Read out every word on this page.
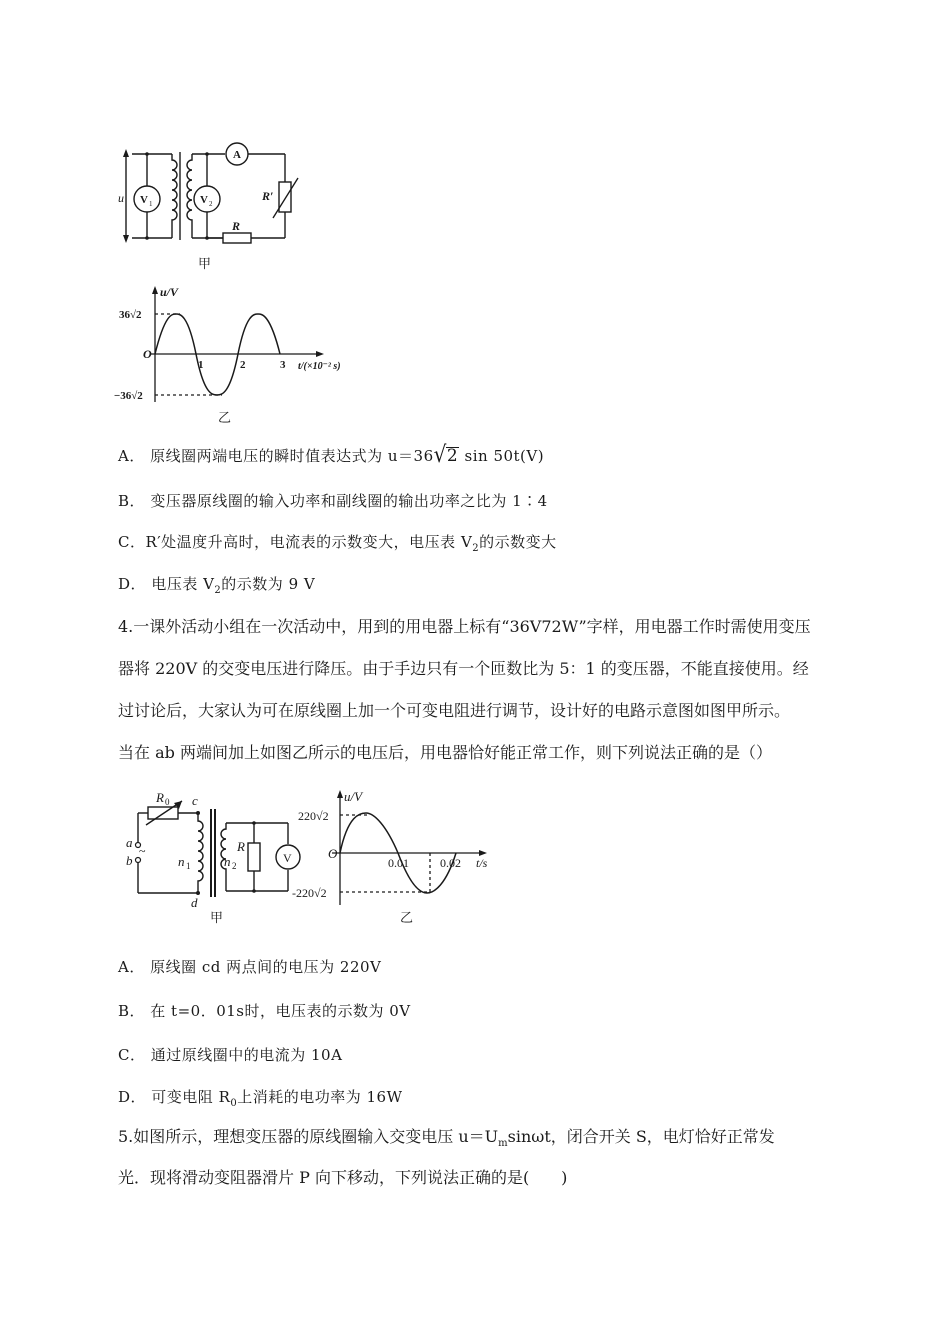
u V 1	V 2
A
R′
R
甲
u/V
36√2
−36√2
O
1	2	3 t/(×10⁻² s)
乙
A． 原线圈两端电压的瞬时值表达式为 u＝36√2 sin 50t(V)
B． 变压器原线圈的输入功率和副线圈的输出功率之比为 1∶4
C．R′处温度升高时，电流表的示数变大，电压表 $V_2$的示数变大
D． 电压表 $V_2$的示数为 9 V
4.一课外活动小组在一次活动中，用到的用电器上标有“36V72W”字样，用电器工作时需使用变压
器将 220V 的交变电压进行降压。由于手边只有一个匝数比为 5：1 的变压器，不能直接使用。经
过讨论后，大家认为可在原线圈上加一个可变电阻进行调节，设计好的电路示意图如图甲所示。
当在 ab 两端间加上如图乙所示的电压后，用电器恰好能正常工作，则下列说法正确的是（）
R 0 c
a
~
b	n 1	n 2
R
V
d
甲
u/V
220√2
-220√2
O
0.01	0.02 t/s
乙
A． 原线圈 cd 两点间的电压为 220V
B． 在 t=0．01s时，电压表的示数为 0V
C． 通过原线圈中的电流为 10A
D． 可变电阻 $R_0$上消耗的电功率为 16W
5.如图所示，理想变压器的原线圈输入交变电压 $u=U_m\sin\omega t$，闭合开关 S，电灯恰好正常发
光．现将滑动变阻器滑片 P 向下移动，下列说法正确的是(　　)
